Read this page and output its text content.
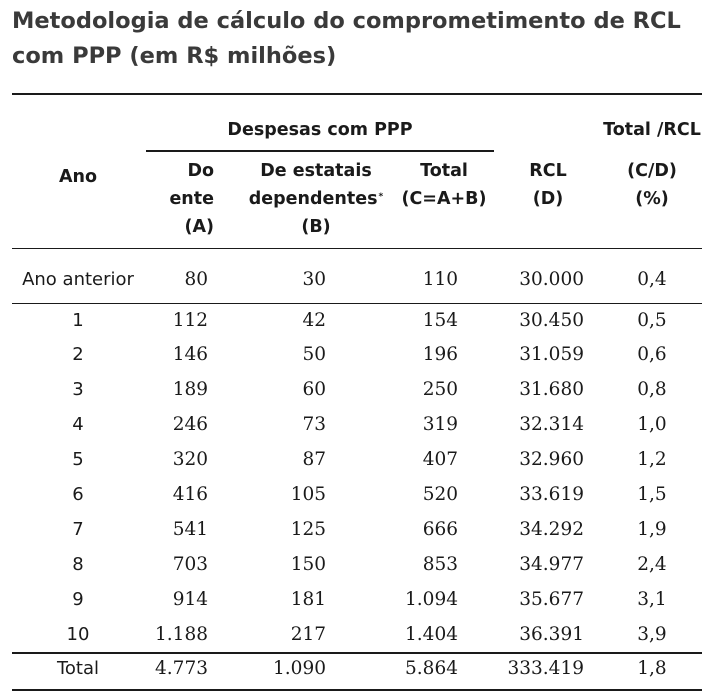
Metodologia de cálculo do comprometimento de RCL com PPP (em R$ milhões)
Ano
Despesas com PPP
Do
ente
(A)
De estatais
dependentes*
(B)
Total
(C=A+B)
RCL
(D)
Total /RCL
(C/D)
(%)
Ano anterior	80	30	110	30.000	0,4
1	112	42	154	30.450	0,5
2	146	50	196	31.059	0,6
3	189	60	250	31.680	0,8
4	246	73	319	32.314	1,0
5	320	87	407	32.960	1,2
6	416	105	520	33.619	1,5
7	541	125	666	34.292	1,9
8	703	150	853	34.977	2,4
9	914	181	1.094	35.677	3,1
10	1.188	217	1.404	36.391	3,9
Total	4.773	1.090	5.864	333.419	1,8
